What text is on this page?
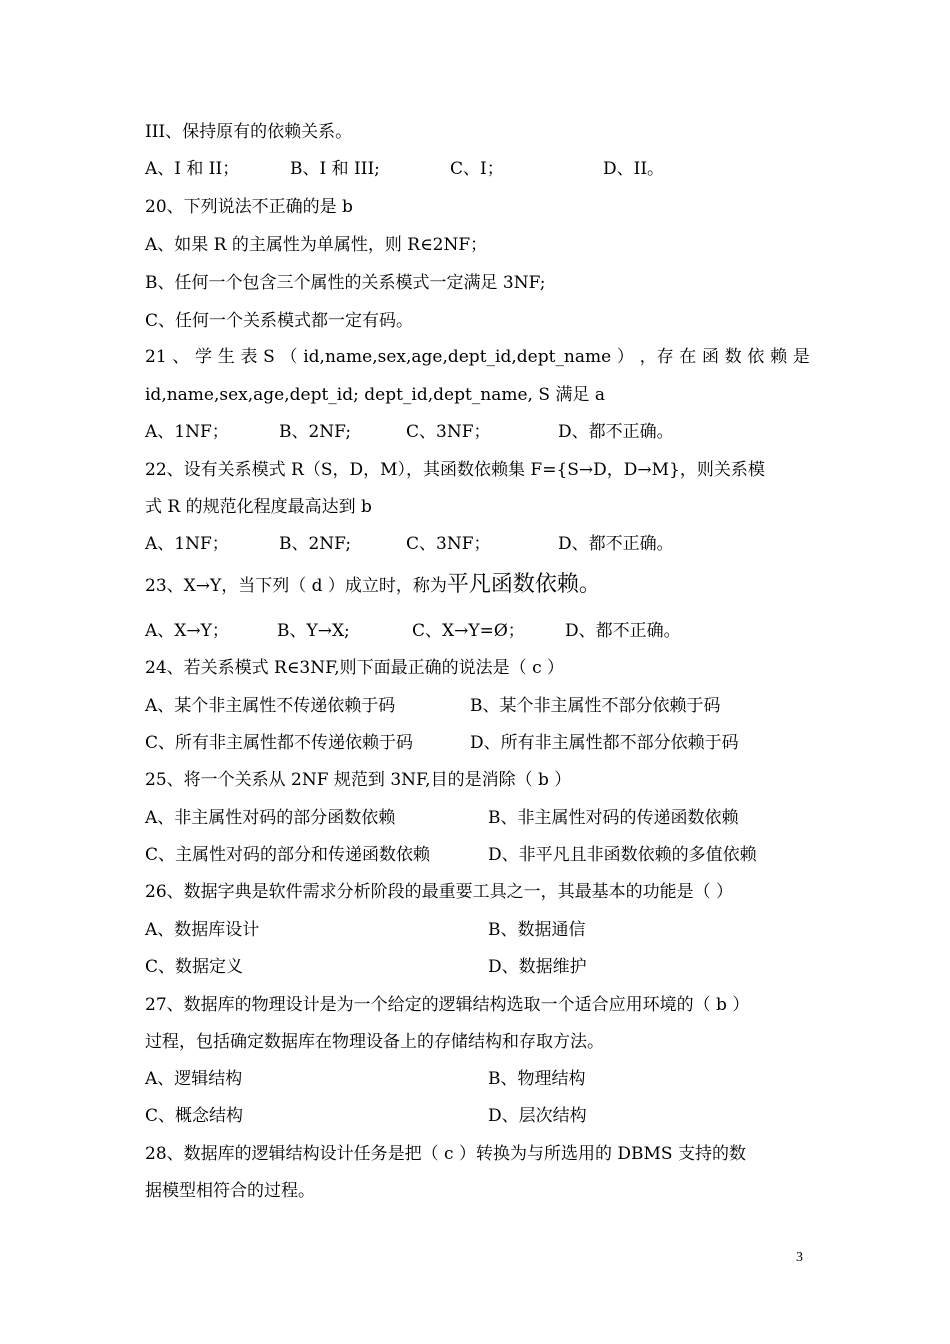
III、保持原有的依赖关系。
A、I 和 II；	B、I 和 III;	C、I；	D、II。
20、下列说法不正确的是 b
A、如果 R 的主属性为单属性，则 R∈2NF；
B、任何一个包含三个属性的关系模式一定满足 3NF;
C、任何一个关系模式都一定有码。
21 、 学 生 表 S （ id,name,sex,age,dept_id,dept_name ） ，存 在 函 数 依 赖 是
id,name,sex,age,dept_id; dept_id,dept_name, S 满足 a
A、1NF；	B、2NF;	C、3NF；	D、都不正确。
22、设有关系模式 R（S，D，M），其函数依赖集 F={S→D，D→M}，则关系模
式 R 的规范化程度最高达到 b
A、1NF；	B、2NF;	C、3NF；	D、都不正确。
23、X→Y，当下列（ d ）成立时，称为平凡函数依赖。
A、X→Y；	B、Y→X;	C、X→Y=Ø； D、都不正确。
24、若关系模式 R∈3NF,则下面最正确的说法是（ c ）
A、某个非主属性不传递依赖于码	B、某个非主属性不部分依赖于码
C、所有非主属性都不传递依赖于码	D、所有非主属性都不部分依赖于码
25、将一个关系从 2NF 规范到 3NF,目的是消除（ b ）
A、非主属性对码的部分函数依赖	B、非主属性对码的传递函数依赖
C、主属性对码的部分和传递函数依赖	D、非平凡且非函数依赖的多值依赖
26、数据字典是软件需求分析阶段的最重要工具之一，其最基本的功能是（ ）
A、数据库设计	B、数据通信
C、数据定义	D、数据维护
27、数据库的物理设计是为一个给定的逻辑结构选取一个适合应用环境的（ b ）
过程，包括确定数据库在物理设备上的存储结构和存取方法。
A、逻辑结构	B、物理结构
C、概念结构	D、层次结构
28、数据库的逻辑结构设计任务是把（ c ）转换为与所选用的 DBMS 支持的数
据模型相符合的过程。
3
